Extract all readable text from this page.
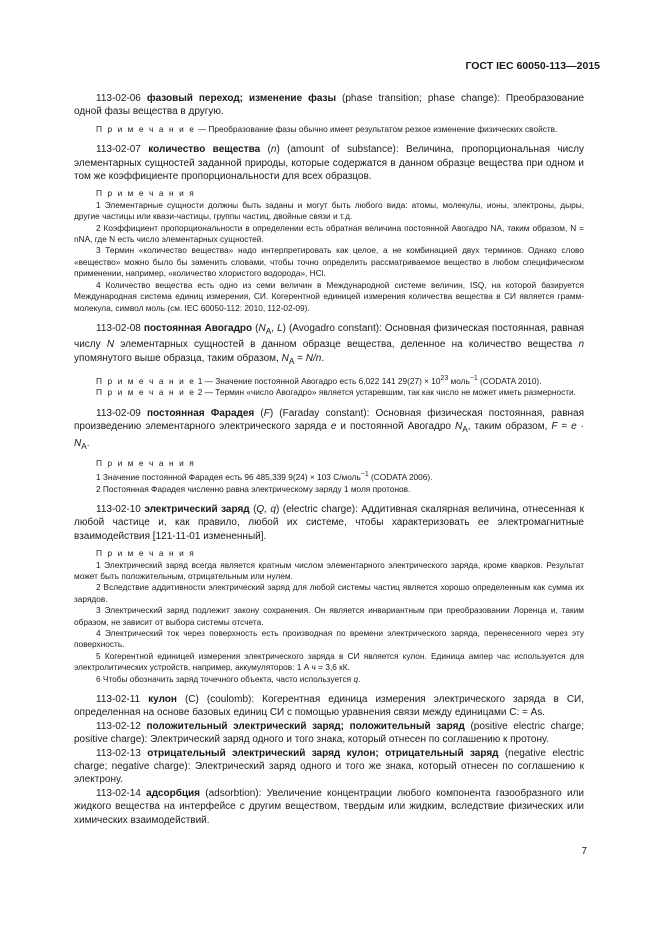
ГОСТ IEC 60050-113—2015

113-02-06 фазовый переход; изменение фазы (phase transition; phase change): Преобразование одной фазы вещества в другую.

П р и м е ч а н и е — Преобразование фазы обычно имеет результатом резкое изменение физических свойств.

113-02-07 количество вещества (n) (amount of substance): Величина, пропорциональная числу элементарных сущностей заданной природы, которые содержатся в данном образце вещества при одном и том же коэффициенте пропорциональности для всех образцов.

П р и м е ч а н и я

1 Элементарные сущности должны быть заданы и могут быть любого вида: атомы, молекулы, ионы, электроны, дыры, другие частицы или квази-частицы, группы частиц, двойные связи и т.д.

2 Коэффициент пропорциональности в определении есть обратная величина постоянной Авогадро NA, таким образом, N = nNA, где N есть число элементарных сущностей.

3 Термин «количество вещества» надо интерпретировать как целое, а не комбинацией двух терминов. Однако слово «вещество» можно было бы заменить словами, чтобы точно определить рассматриваемое вещество в любом специфическом применении, например, «количество хлористого водорода», HCl.

4 Количество вещества есть одно из семи величин в Международной системе величин, ISQ, на которой базируется Международная система единиц измерения, СИ. Когерентной единицей измерения количества вещества в СИ является грамм-молекула, символ моль (см. IEC 60050-112: 2010, 112-02-09).

113-02-08 постоянная Авогадро ($N_A$, L) (Avogadro constant): Основная физическая постоянная, равная числу N элементарных сущностей в данном образце вещества, деленное на количество вещества n упомянутого выше образца, таким образом, $N_A = N/n$.

П р и м е ч а н и е 1 — Значение постоянной Авогадро есть 6,022 141 $29(27) \times 10^{23}$ моль$^{-1}$ (CODATA 2010).

П р и м е ч а н и е 2 — Термин «число Авогадро» является устаревшим, так как число не может иметь размерности.

113-02-09 постоянная Фарадея (F) (Faraday constant): Основная физическая постоянная, равная произведению элементарного электрического заряда e и постоянной Авогадро $N_A$, таким образом, $F = e \cdot N_A$.

П р и м е ч а н и я

1 Значение постоянной Фарадея есть 96 485,339 9(24) × 103 С/моль$^{-1}$ (CODATA 2006).

2 Постоянная Фарадея численно равна электрическому заряду 1 моля протонов.

113-02-10 электрический заряд (Q, q) (electric charge): Аддитивная скалярная величина, отнесенная к любой частице и, как правило, любой их системе, чтобы характеризовать ее электромагнитные взаимодействия [121-11-01 измененный].

П р и м е ч а н и я

1 Электрический заряд всегда является кратным числом элементарного электрического заряда, кроме кварков. Результат может быть положительным, отрицательным или нулем.

2 Вследствие аддитивности электрический заряд для любой системы частиц является хорошо определенным как сумма их зарядов.

3 Электрический заряд подлежит закону сохранения. Он является инвариантным при преобразовании Лоренца и, таким образом, не зависит от выбора системы отсчета.

4 Электрический ток через поверхность есть производная по времени электрического заряда, перенесенного через эту поверхность.

5 Когерентной единицей измерения электрического заряда в СИ является кулон. Единица ампер час используется для электролитических устройств, например, аккумуляторов: 1 А ч = 3,6 кК.

6 Чтобы обозначить заряд точечного объекта, часто используется q.

113-02-11 кулон (С) (coulomb): Когерентная единица измерения электрического заряда в СИ, определенная на основе базовых единиц СИ с помощью уравнения связи между единицами С: = As.

113-02-12 положительный электрический заряд; положительный заряд (positive electric charge; positive charge): Электрический заряд одного и того знака, который отнесен по соглашению к протону.

113-02-13 отрицательный электрический заряд кулон; отрицательный заряд (negative electric charge; negative charge): Электрический заряд одного и того же знака, который отнесен по соглашению к электрону.

113-02-14 адсорбция (adsorbtion): Увеличение концентрации любого компонента газообразного или жидкого вещества на интерфейсе с другим веществом, твердым или жидким, вследствие физических или химических взаимодействий.

7
